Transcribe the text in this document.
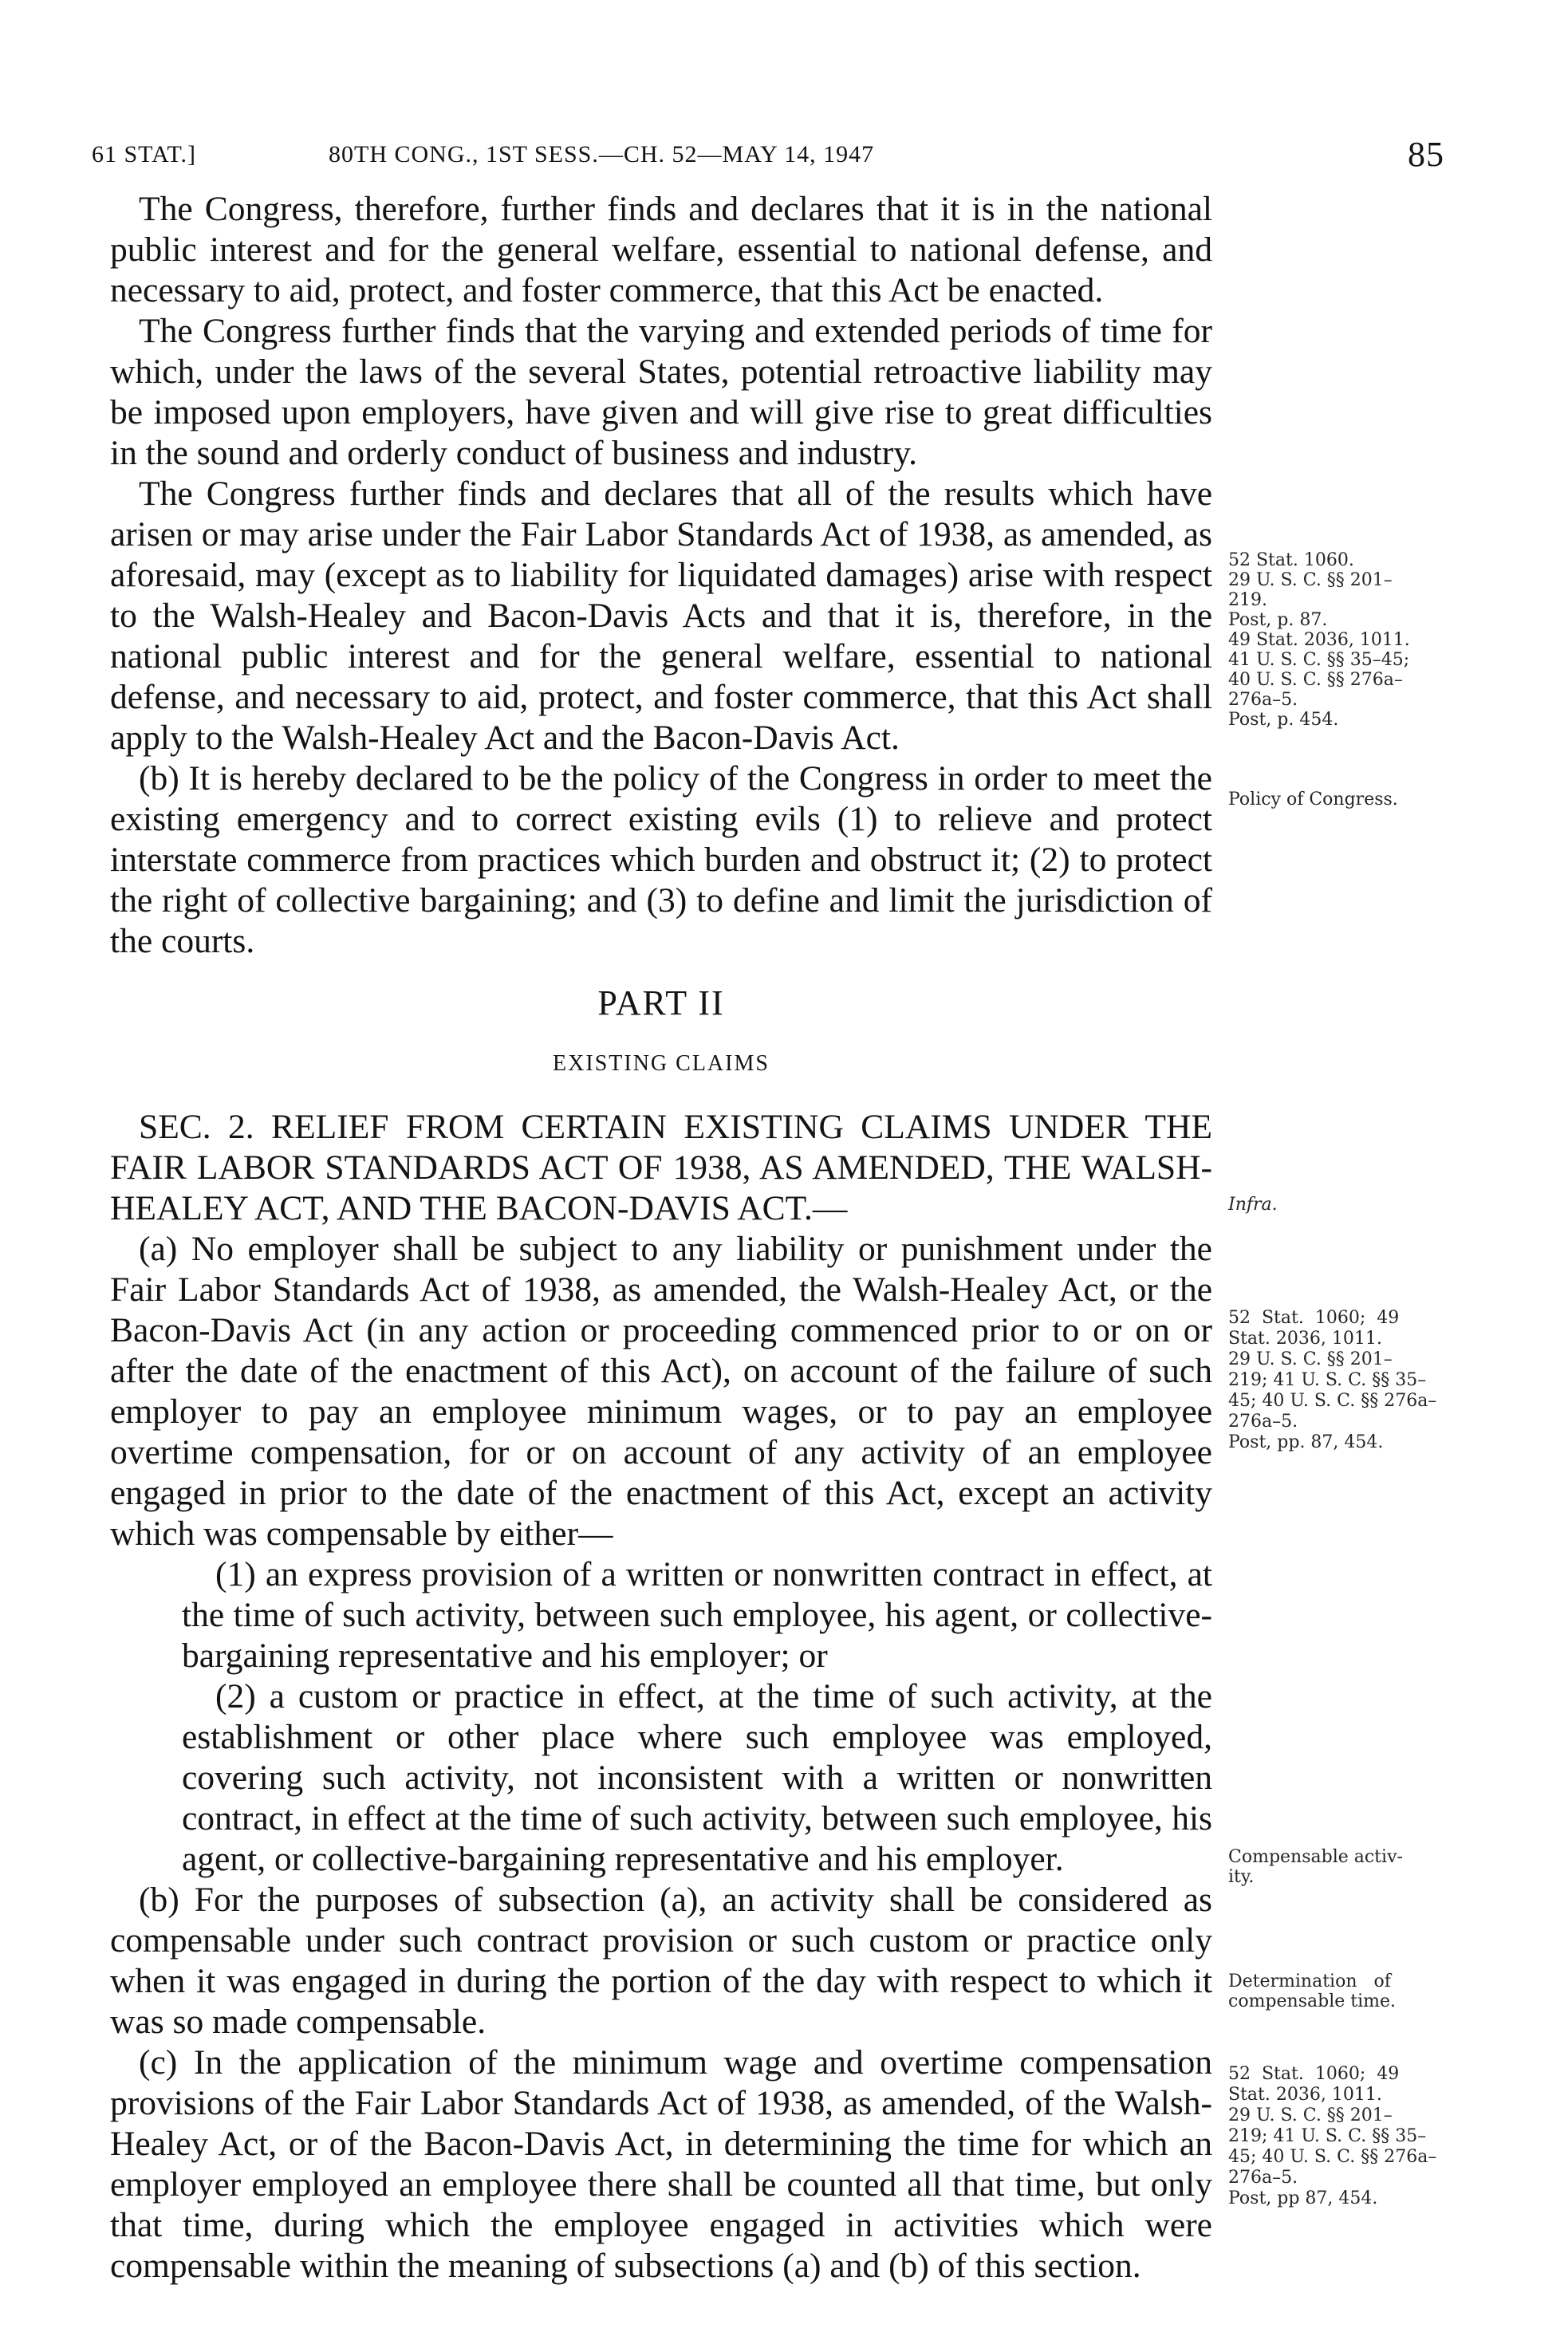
61 STAT.]	80TH CONG., 1ST SESS.—CH. 52—MAY 14, 1947	85

The Congress, therefore, further finds and declares that it is in the national public interest and for the general welfare, essential to national defense, and necessary to aid, protect, and foster commerce, that this Act be enacted.

The Congress further finds that the varying and extended periods of time for which, under the laws of the several States, potential retroactive liability may be imposed upon employers, have given and will give rise to great difficulties in the sound and orderly conduct of business and industry.

The Congress further finds and declares that all of the results which have arisen or may arise under the Fair Labor Standards Act of 1938, as amended, as aforesaid, may (except as to liability for liquidated damages) arise with respect to the Walsh-Healey and Bacon-Davis Acts and that it is, therefore, in the national public interest and for the general welfare, essential to national defense, and necessary to aid, protect, and foster commerce, that this Act shall apply to the Walsh-Healey Act and the Bacon-Davis Act.

(b) It is hereby declared to be the policy of the Congress in order to meet the existing emergency and to correct existing evils (1) to relieve and protect interstate commerce from practices which burden and obstruct it; (2) to protect the right of collective bargaining; and (3) to define and limit the jurisdiction of the courts.

PART II
EXISTING CLAIMS

SEC. 2. RELIEF FROM CERTAIN EXISTING CLAIMS UNDER THE FAIR LABOR STANDARDS ACT OF 1938, AS AMENDED, THE WALSH-HEALEY ACT, AND THE BACON-DAVIS ACT.—

(a) No employer shall be subject to any liability or punishment under the Fair Labor Standards Act of 1938, as amended, the Walsh-Healey Act, or the Bacon-Davis Act (in any action or proceeding commenced prior to or on or after the date of the enactment of this Act), on account of the failure of such employer to pay an employee minimum wages, or to pay an employee overtime compensation, for or on account of any activity of an employee engaged in prior to the date of the enactment of this Act, except an activity which was compensable by either—

(1) an express provision of a written or nonwritten contract in effect, at the time of such activity, between such employee, his agent, or collective-bargaining representative and his employer; or

(2) a custom or practice in effect, at the time of such activity, at the establishment or other place where such employee was employed, covering such activity, not inconsistent with a written or nonwritten contract, in effect at the time of such activity, between such employee, his agent, or collective-bargaining representative and his employer.

(b) For the purposes of subsection (a), an activity shall be considered as compensable under such contract provision or such custom or practice only when it was engaged in during the portion of the day with respect to which it was so made compensable.

(c) In the application of the minimum wage and overtime compensation provisions of the Fair Labor Standards Act of 1938, as amended, of the Walsh-Healey Act, or of the Bacon-Davis Act, in determining the time for which an employer employed an employee there shall be counted all that time, but only that time, during which the employee engaged in activities which were compensable within the meaning of subsections (a) and (b) of this section.

52 Stat. 1060.
29 U. S. C. §§ 201–
219.
Post, p. 87.
49 Stat. 2036, 1011.
41 U. S. C. §§ 35–45;
40 U. S. C. §§ 276a–
276a–5.
Post, p. 454.
Policy of Congress.
Infra.
52  Stat.  1060;  49
Stat. 2036, 1011.
29 U. S. C. §§ 201–
219; 41 U. S. C. §§ 35–
45; 40 U. S. C. §§ 276a–
276a–5.
Post, pp. 87, 454.
Compensable activ-
ity.
Determination   of
compensable time.
52  Stat.  1060;  49
Stat. 2036, 1011.
29 U. S. C. §§ 201–
219; 41 U. S. C. §§ 35–
45; 40 U. S. C. §§ 276a–
276a–5.
Post, pp 87, 454.
